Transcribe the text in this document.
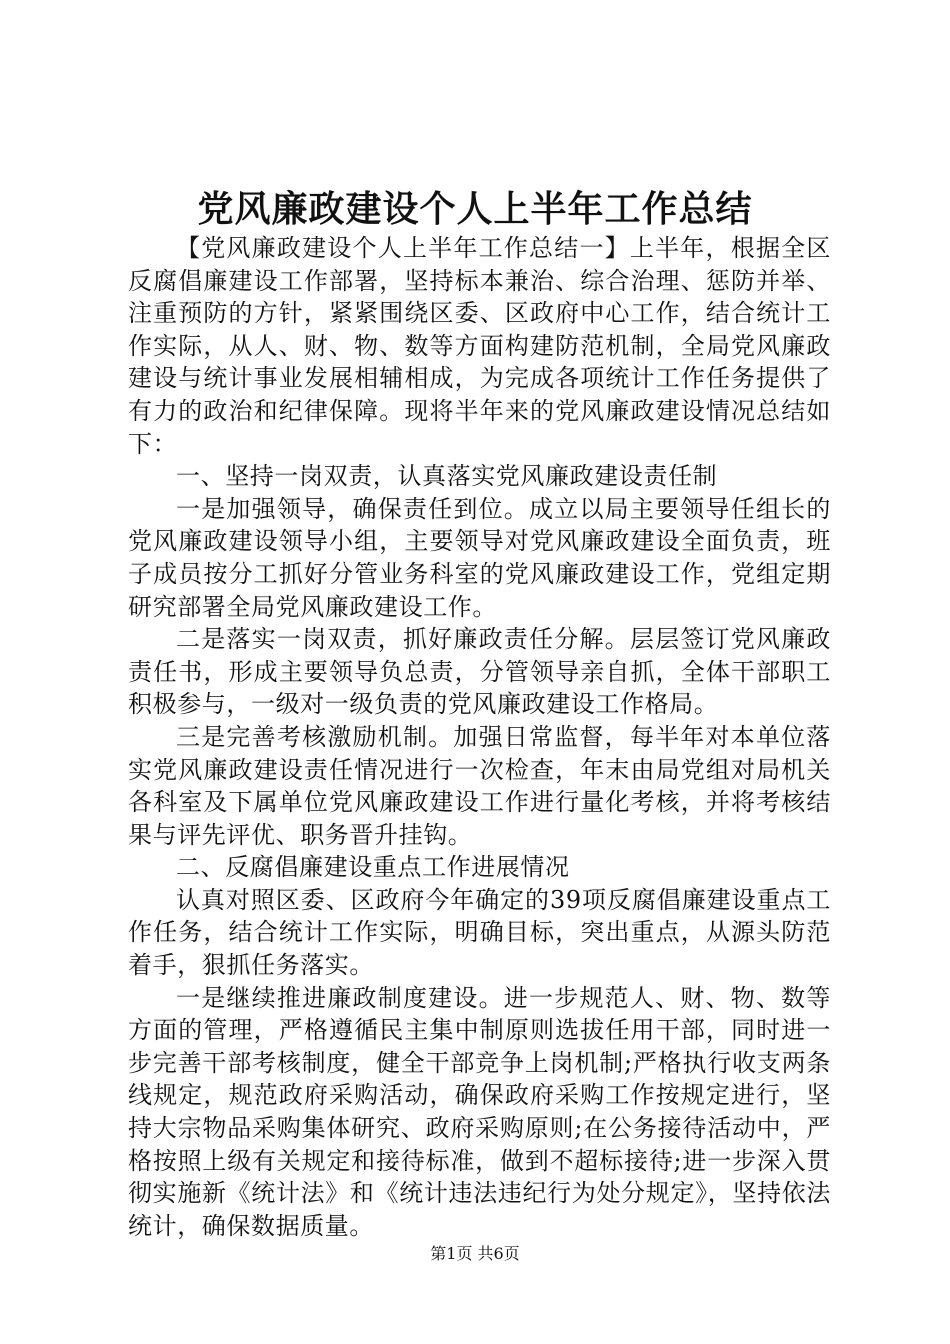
党风廉政建设个人上半年工作总结

【党风廉政建设个人上半年工作总结一】上半年，根据全区反腐倡廉建设工作部署，坚持标本兼治、综合治理、惩防并举、注重预防的方针，紧紧围绕区委、区政府中心工作，结合统计工作实际，从人、财、物、数等方面构建防范机制，全局党风廉政建设与统计事业发展相辅相成，为完成各项统计工作任务提供了有力的政治和纪律保障。现将半年来的党风廉政建设情况总结如下：

一、坚持一岗双责，认真落实党风廉政建设责任制

一是加强领导，确保责任到位。成立以局主要领导任组长的党风廉政建设领导小组，主要领导对党风廉政建设全面负责，班子成员按分工抓好分管业务科室的党风廉政建设工作，党组定期研究部署全局党风廉政建设工作。

二是落实一岗双责，抓好廉政责任分解。层层签订党风廉政责任书，形成主要领导负总责，分管领导亲自抓，全体干部职工积极参与，一级对一级负责的党风廉政建设工作格局。

三是完善考核激励机制。加强日常监督，每半年对本单位落实党风廉政建设责任情况进行一次检查，年末由局党组对局机关各科室及下属单位党风廉政建设工作进行量化考核，并将考核结果与评先评优、职务晋升挂钩。

二、反腐倡廉建设重点工作进展情况

认真对照区委、区政府今年确定的39项反腐倡廉建设重点工作任务，结合统计工作实际，明确目标，突出重点，从源头防范着手，狠抓任务落实。

一是继续推进廉政制度建设。进一步规范人、财、物、数等方面的管理，严格遵循民主集中制原则选拔任用干部，同时进一步完善干部考核制度，健全干部竞争上岗机制;严格执行收支两条线规定，规范政府采购活动，确保政府采购工作按规定进行，坚持大宗物品采购集体研究、政府采购原则;在公务接待活动中，严格按照上级有关规定和接待标准，做到不超标接待;进一步深入贯彻实施新《统计法》和《统计违法违纪行为处分规定》，坚持依法统计，确保数据质量。

第1页 共6页
